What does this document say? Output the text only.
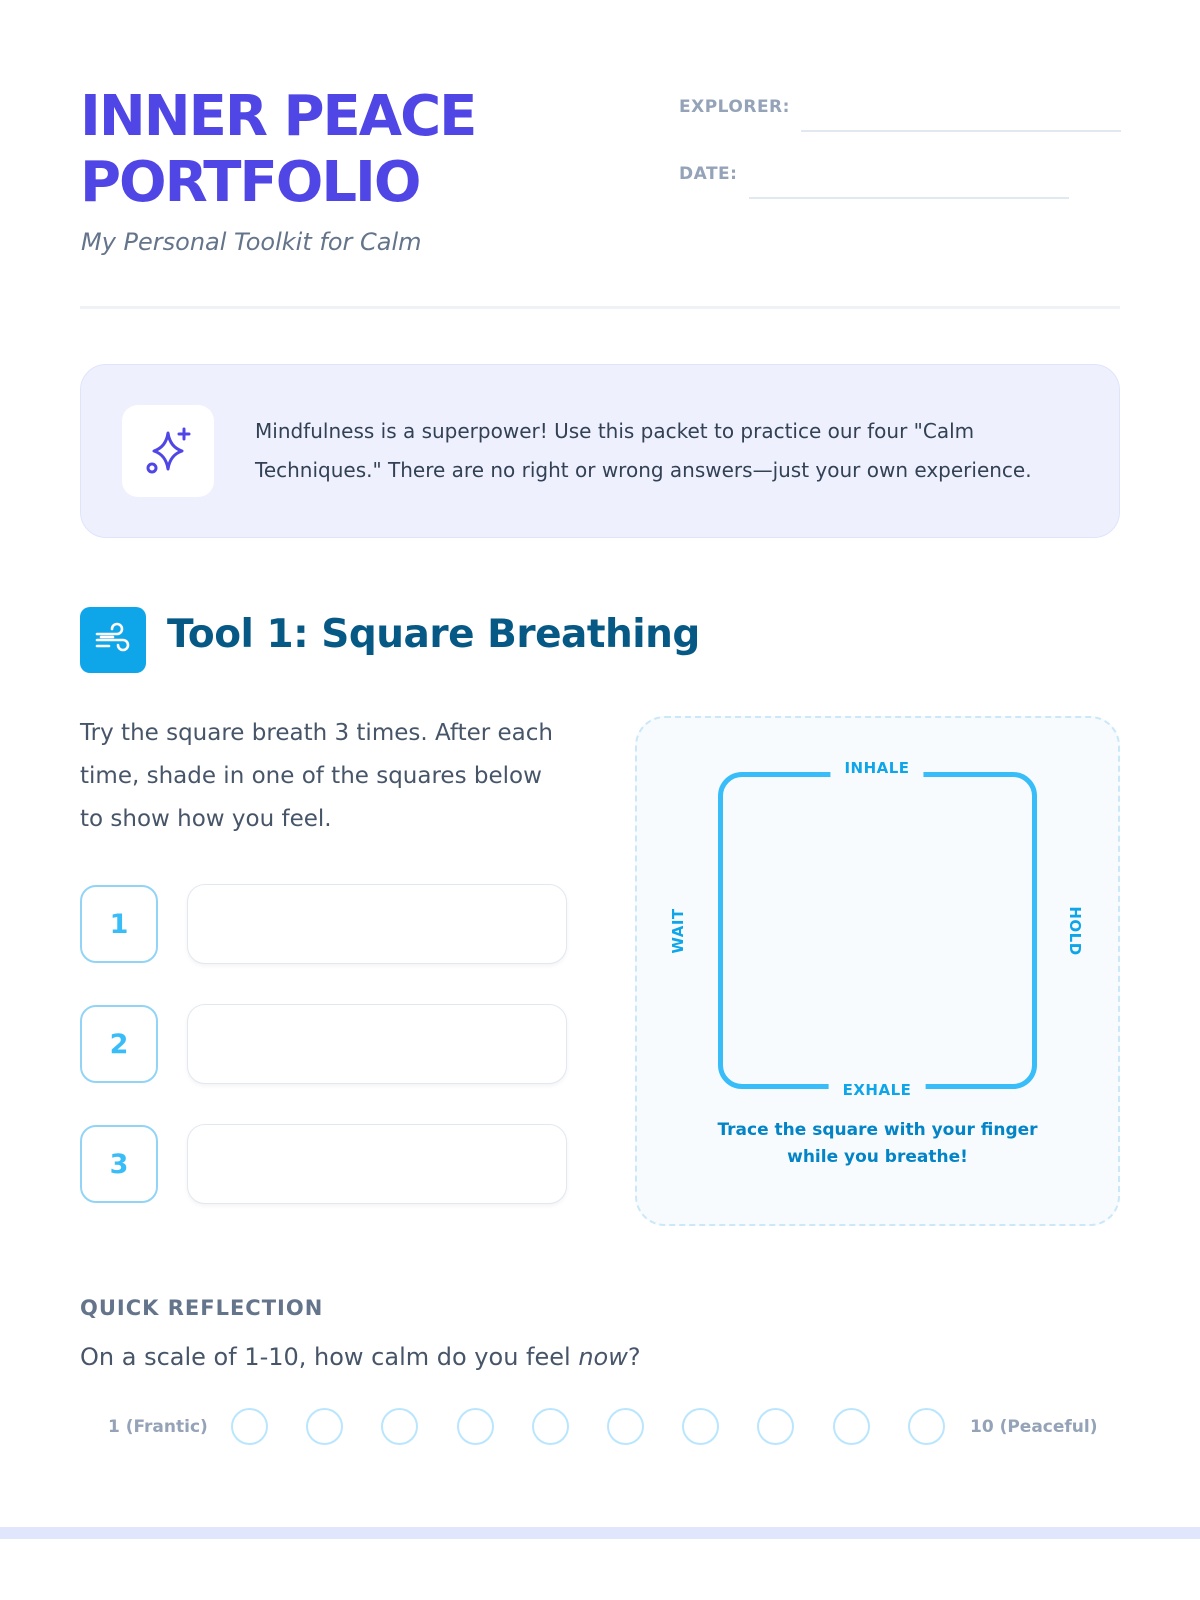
INNER PEACE PORTFOLIO
My Personal Toolkit for Calm
EXPLORER:
DATE:

Mindfulness is a superpower! Use this packet to practice our four "Calm Techniques." There are no right or wrong answers—just your own experience.

Tool 1: Square Breathing

Try the square breath 3 times. After each time, shade in one of the squares below to show how you feel.

1
2
3
INHALE
EXHALE
WAIT	HOLD

Trace the square with your finger while you breathe!

QUICK REFLECTION
On a scale of 1-10, how calm do you feel now?
1 (Frantic)	10 (Peaceful)
